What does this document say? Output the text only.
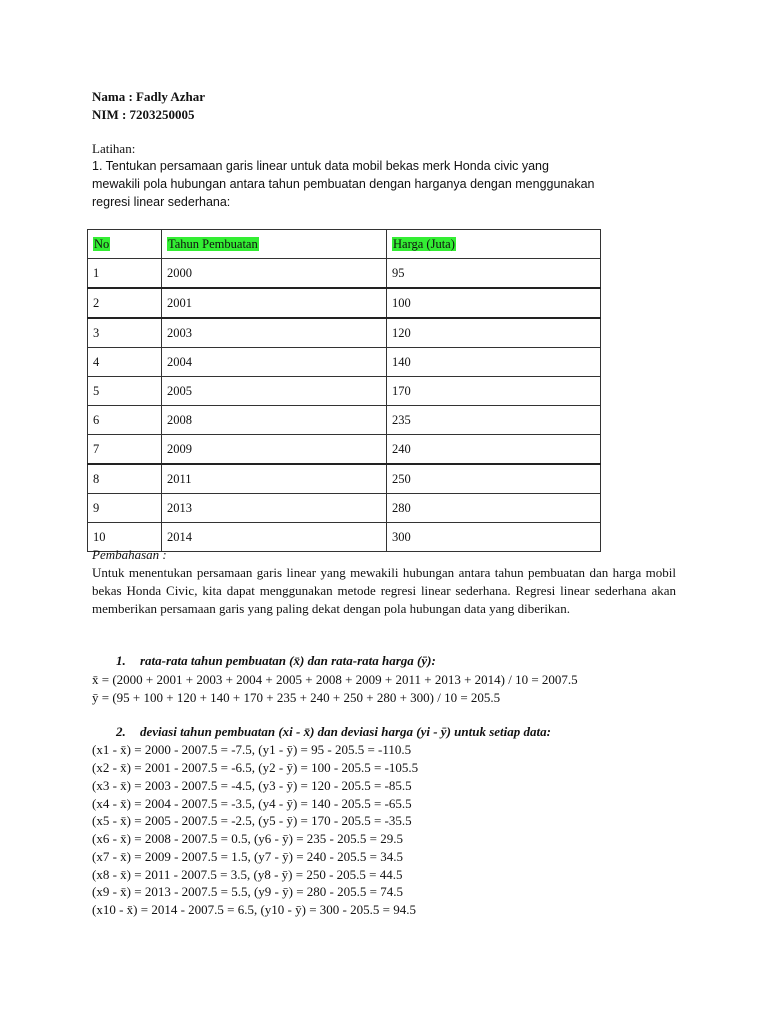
Nama : Fadly Azhar
NIM : 7203250005
Latihan:
1. Tentukan persamaan garis linear untuk data mobil bekas merk Honda civic yang
mewakili pola hubungan antara tahun pembuatan dengan harganya dengan menggunakan
regresi linear sederhana:
No	Tahun Pembuatan	Harga (Juta)
1	2000	95
2	2001	100
3	2003	120
4	2004	140
5	2005	170
6	2008	235
7	2009	240
8	2011	250
9	2013	280
10	2014	300
Pembahasan :
Untuk menentukan persamaan garis linear yang mewakili hubungan antara tahun pembuatan dan harga mobil bekas Honda Civic, kita dapat menggunakan metode regresi linear sederhana. Regresi linear sederhana akan memberikan persamaan garis yang paling dekat dengan pola hubungan data yang diberikan.
1. rata-rata tahun pembuatan (x̄) dan rata-rata harga (ȳ):
x̄ = (2000 + 2001 + 2003 + 2004 + 2005 + 2008 + 2009 + 2011 + 2013 + 2014) / 10 = 2007.5
ȳ = (95 + 100 + 120 + 140 + 170 + 235 + 240 + 250 + 280 + 300) / 10 = 205.5
2. deviasi tahun pembuatan (xi - x̄) dan deviasi harga (yi - ȳ) untuk setiap data:
(x1 - x̄) = 2000 - 2007.5 = -7.5, (y1 - ȳ) = 95 - 205.5 = -110.5
(x2 - x̄) = 2001 - 2007.5 = -6.5, (y2 - ȳ) = 100 - 205.5 = -105.5
(x3 - x̄) = 2003 - 2007.5 = -4.5, (y3 - ȳ) = 120 - 205.5 = -85.5
(x4 - x̄) = 2004 - 2007.5 = -3.5, (y4 - ȳ) = 140 - 205.5 = -65.5
(x5 - x̄) = 2005 - 2007.5 = -2.5, (y5 - ȳ) = 170 - 205.5 = -35.5
(x6 - x̄) = 2008 - 2007.5 = 0.5, (y6 - ȳ) = 235 - 205.5 = 29.5
(x7 - x̄) = 2009 - 2007.5 = 1.5, (y7 - ȳ) = 240 - 205.5 = 34.5
(x8 - x̄) = 2011 - 2007.5 = 3.5, (y8 - ȳ) = 250 - 205.5 = 44.5
(x9 - x̄) = 2013 - 2007.5 = 5.5, (y9 - ȳ) = 280 - 205.5 = 74.5
(x10 - x̄) = 2014 - 2007.5 = 6.5, (y10 - ȳ) = 300 - 205.5 = 94.5
